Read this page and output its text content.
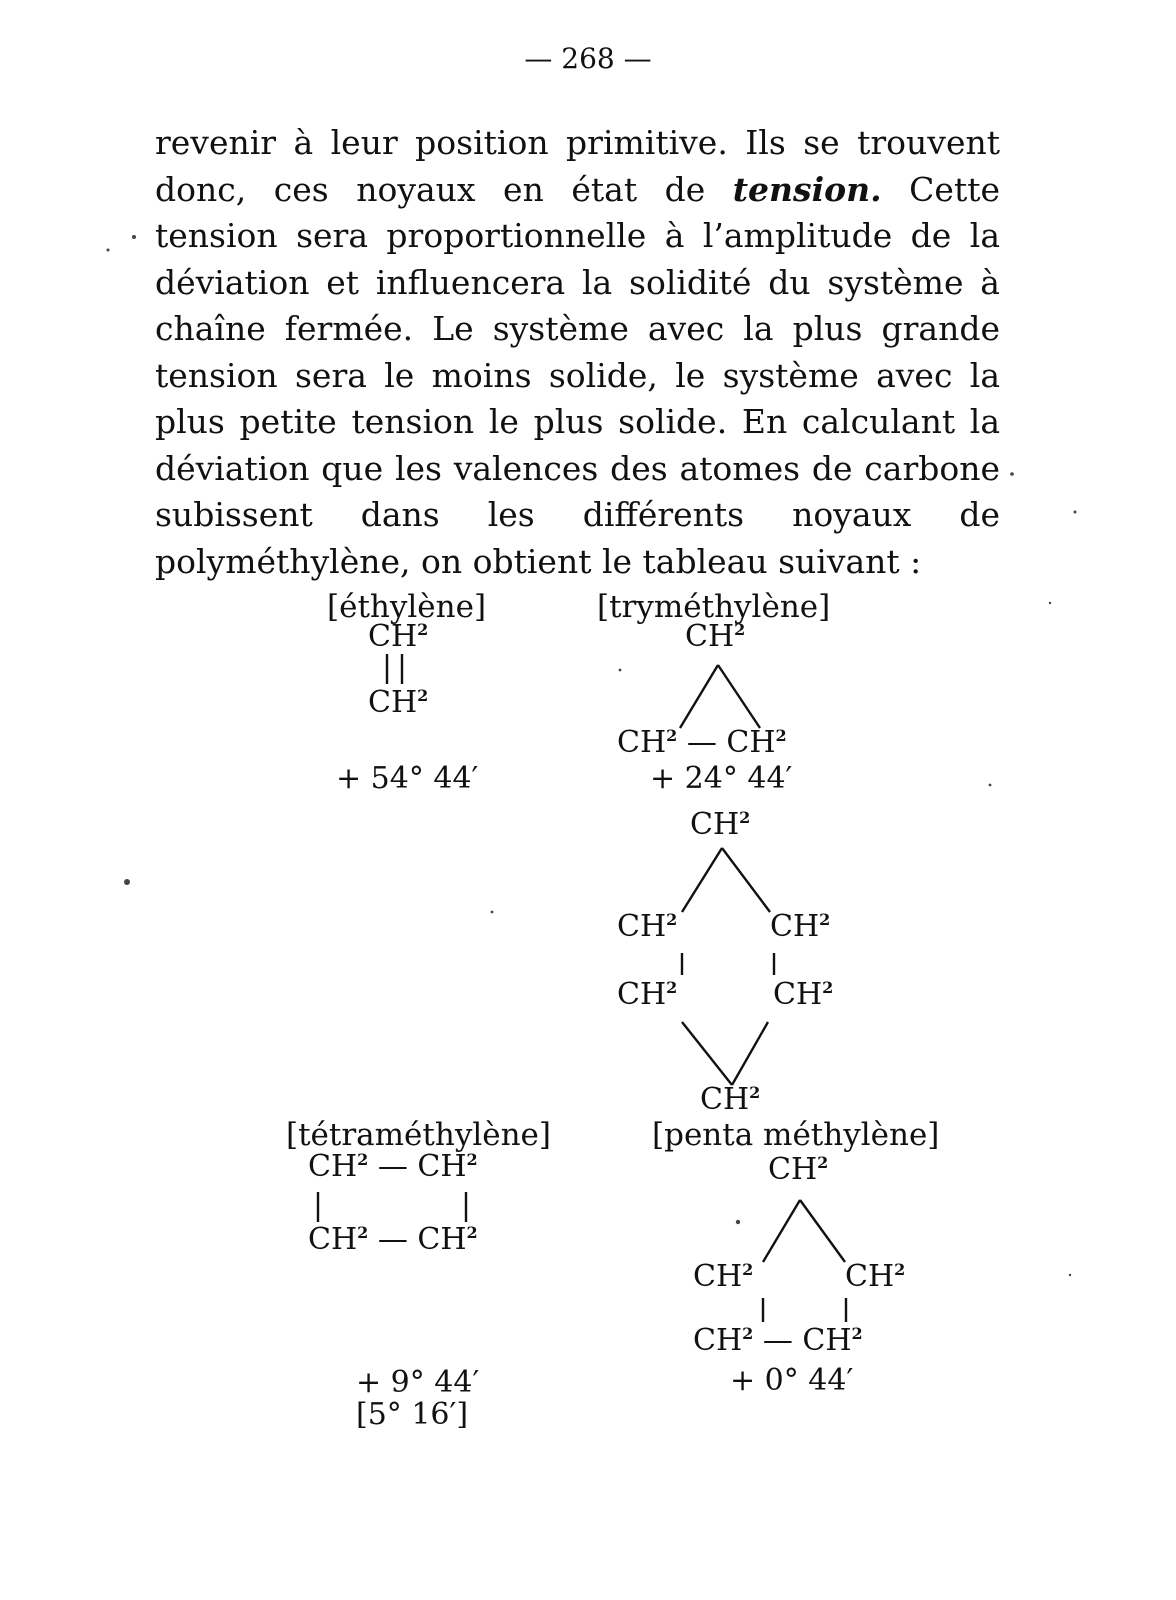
— 268 —
revenir à leur position primitive. Ils se trouvent donc, ces noyaux en état de tension. Cette tension sera proportionnelle à l’amplitude de la déviation et influencera la solidité du système à chaîne fermée. Le système avec la plus grande tension sera le moins solide, le système avec la plus petite tension le plus solide. En calculant la déviation que les valences des atomes de carbone subissent dans les différents noyaux de polyméthylène, on obtient le tableau suivant :
[éthylène]
$CH^2$
$CH^2$
+ 54° 44′
[tryméthylène]
$CH^2$
$CH^2$ — $CH^2$
+ 24° 44′
$CH^2$
$CH^2$	$CH^2$
$CH^2$	$CH^2$
$CH^2$
[tétraméthylène]
$CH^2$ — $CH^2$
$CH^2$ — $CH^2$
+ 9° 44′
[5° 16′]
[penta méthylène]
$CH^2$
$CH^2$	$CH^2$
$CH^2$ — $CH^2$
+ 0° 44′
